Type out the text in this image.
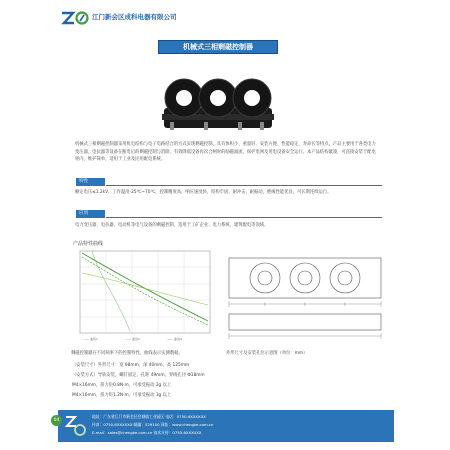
江门新会区成科电器有限公司
机械式三相剩磁控制器
机械式三相剩磁控制器采用机电结构与电子电路结合的方式实现剩磁控制，具有体积小、重量轻、安装方便、性能稳定、寿命长等特点。产品主要用于各类电力变压器、电抗器等设备在断电后的剩磁控制与消除，有效降低设备再次合闸时的励磁涌流，保护电网及用电设备安全运行。本产品结构紧凑，可直接安装于配电柜内，维护简单，适用于工业及民用配电系统。
特性
额定电压≤1.2kV，工作温度-25℃~70℃，控制精度高，响应速度快，结构牢固，耐冲击、耐振动，绝缘性能优良，可长期连续运行。
应用
电力变压器、电抗器、电动机等电气设备的剩磁控制，适用于工矿企业、电力系统、建筑配电等领域。
产品特性曲线
—— 曲线1	—— 曲线2	—— 曲线3
剩磁控制器在不同频率下的控制特性，曲线表示实测数据。	外形尺寸及安装孔位示意图（单位：mm）
（安装尺寸）外形尺寸：宽 98mm，深 40mm，高 125mm
（安装方式）导轨安装，螺钉固定，孔距 49mm，穿线孔径 Φ18mm
M4×16mm，扭力矩0.8N·m，可承受振动 2g 以上
M4×16mm，扭力矩1.2N·m，可承受振动 3g 以上
04
地址：广东省江门市新会区会城镇工业园区 电话：0750-6XXXXXX
传真：0750-6XXXXXX 邮编：529100 网址：www.chengke.com.cn
E-mail：sales@chengke.com.cn 技术支持：0750-6XXXXXX
